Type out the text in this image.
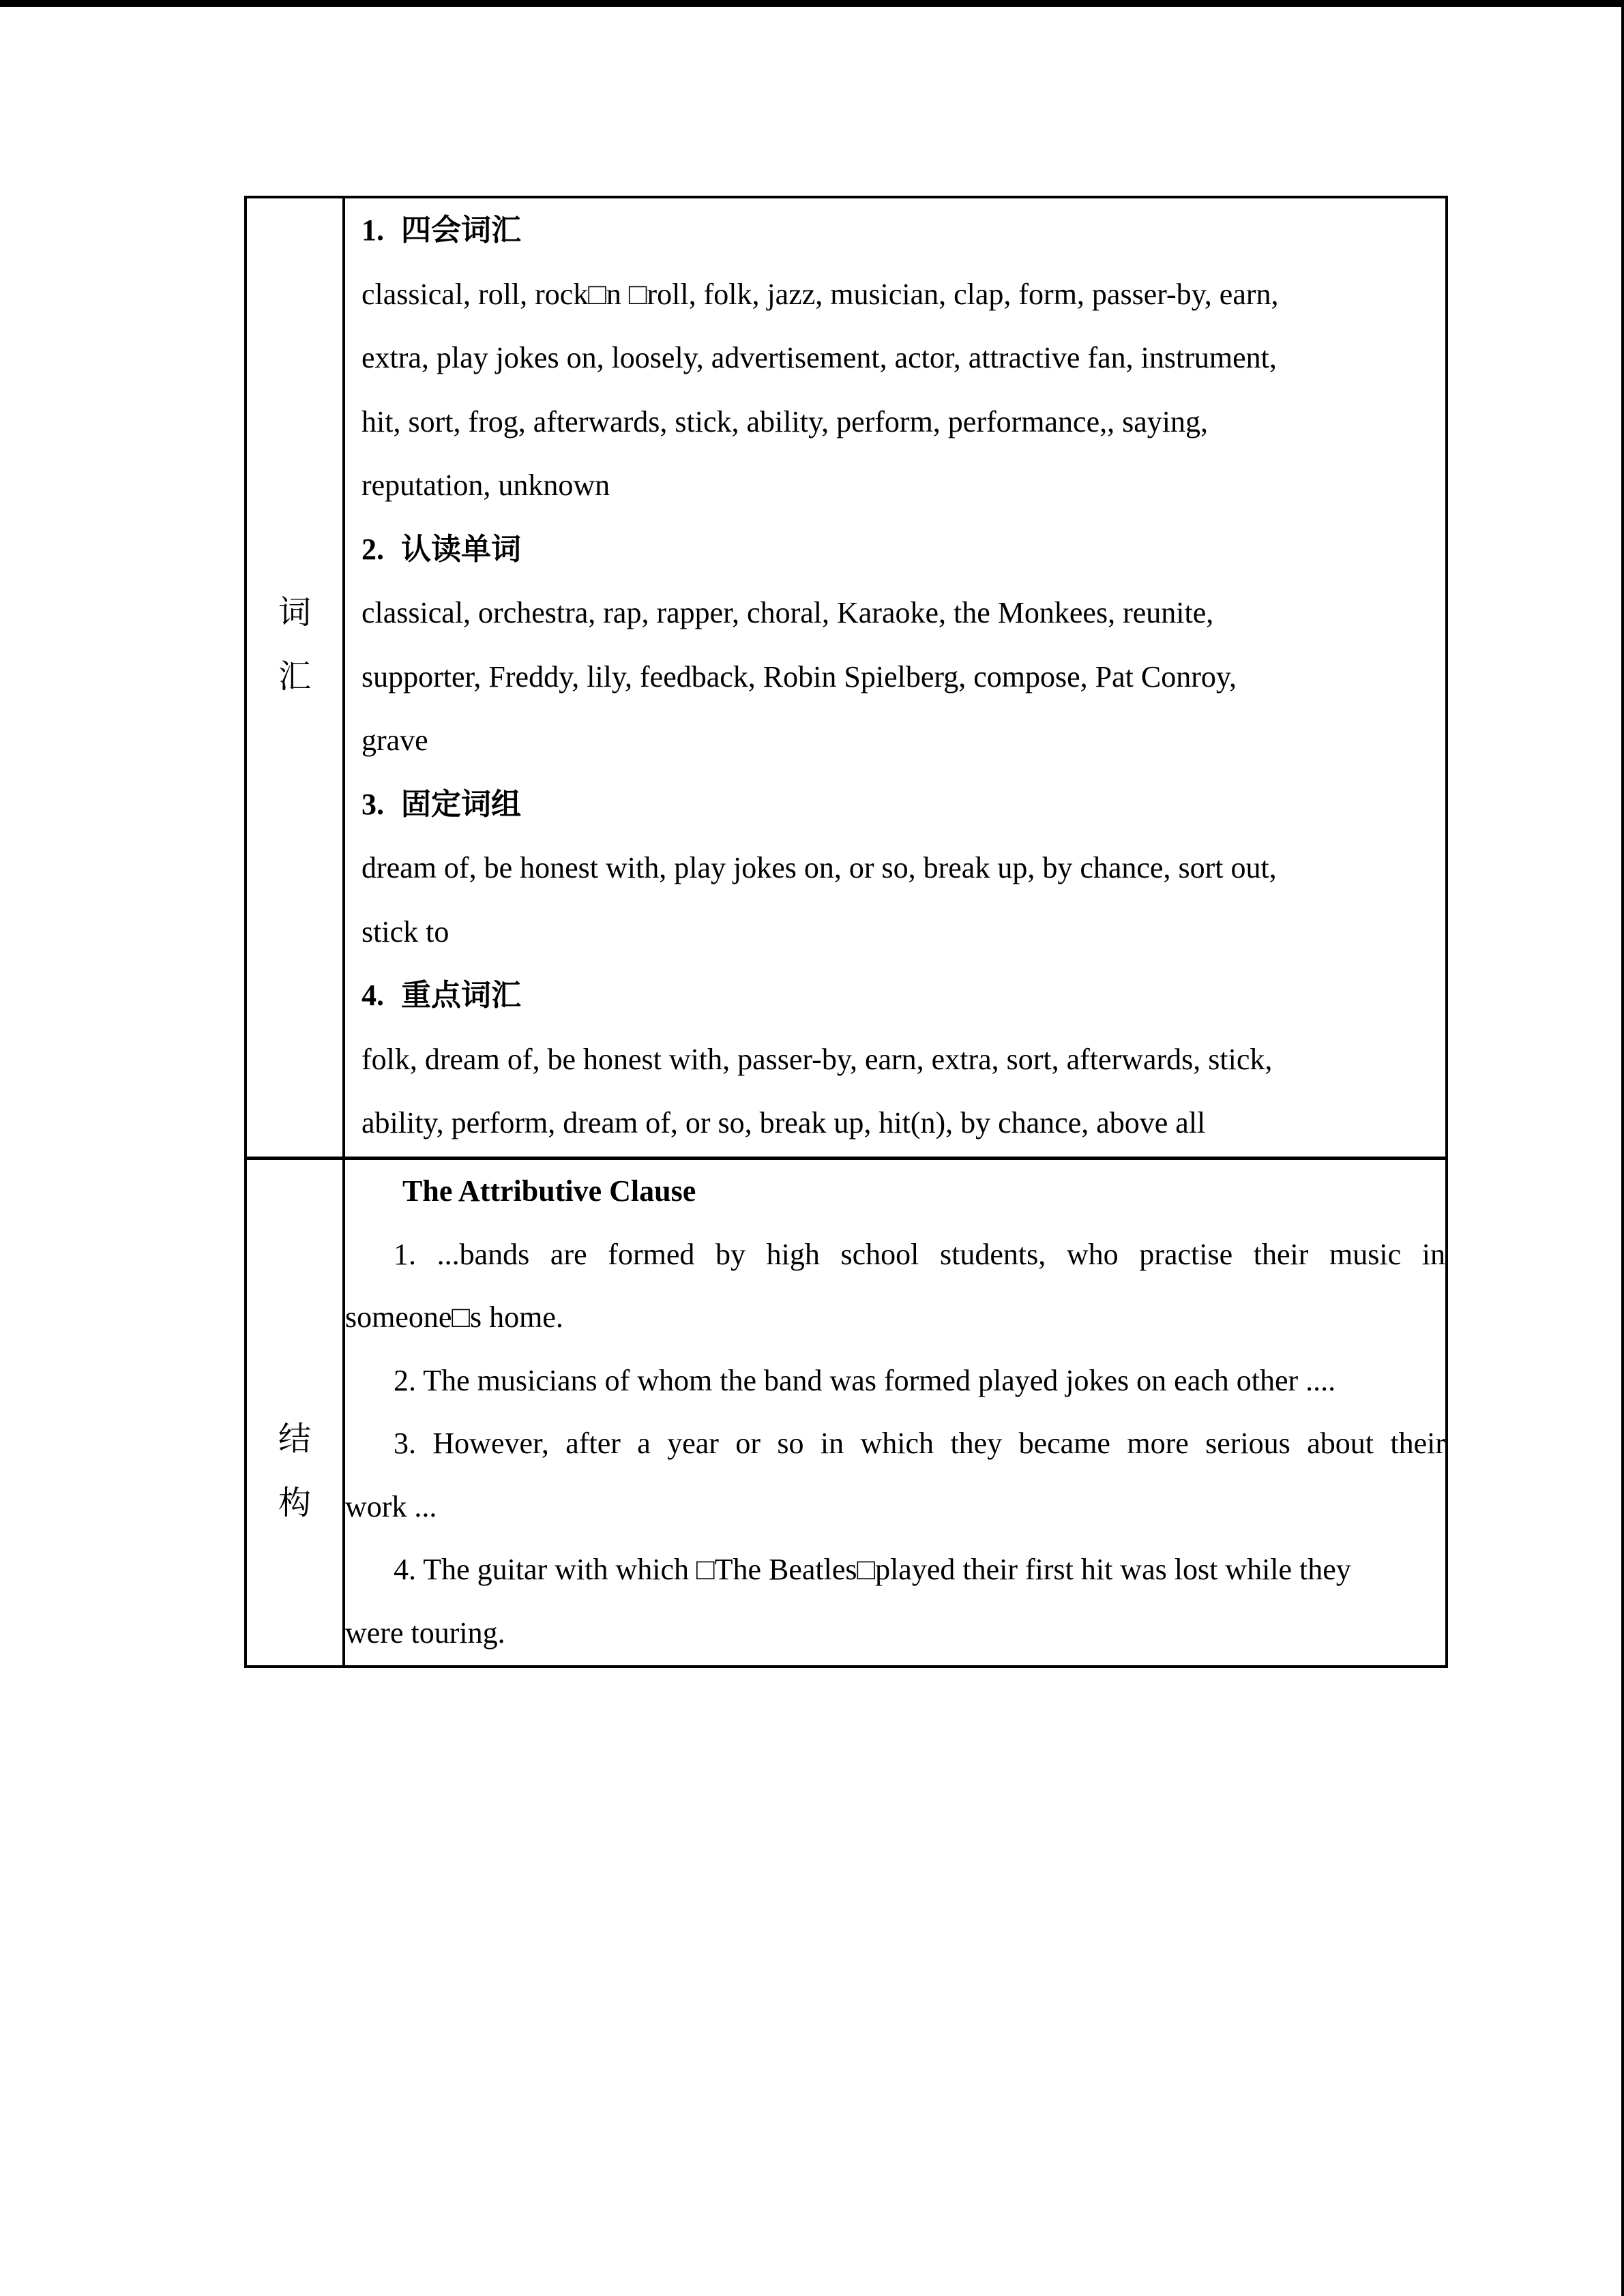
词
汇
1. 四会词汇
classical, roll, rock□n □roll, folk, jazz, musician, clap, form, passer-by, earn,
extra, play jokes on, loosely, advertisement, actor, attractive fan, instrument,
hit, sort, frog, afterwards, stick, ability, perform, performance,, saying,
reputation, unknown
2. 认读单词
classical, orchestra, rap, rapper, choral, Karaoke, the Monkees, reunite,
supporter, Freddy, lily, feedback, Robin Spielberg, compose, Pat Conroy,
grave
3. 固定词组
dream of, be honest with, play jokes on, or so, break up, by chance, sort out,
stick to
4. 重点词汇
folk, dream of, be honest with, passer-by, earn, extra, sort, afterwards, stick,
ability, perform, dream of, or so, break up, hit(n), by chance, above all
结
构
The Attributive Clause
1. ...bands are formed by high school students, who practise their music in
someone□s home.
2. The musicians of whom the band was formed played jokes on each other ....
3. However, after a year or so in which they became more serious about their
work ...
4. The guitar with which □The Beatles□played their first hit was lost while they
were touring.
